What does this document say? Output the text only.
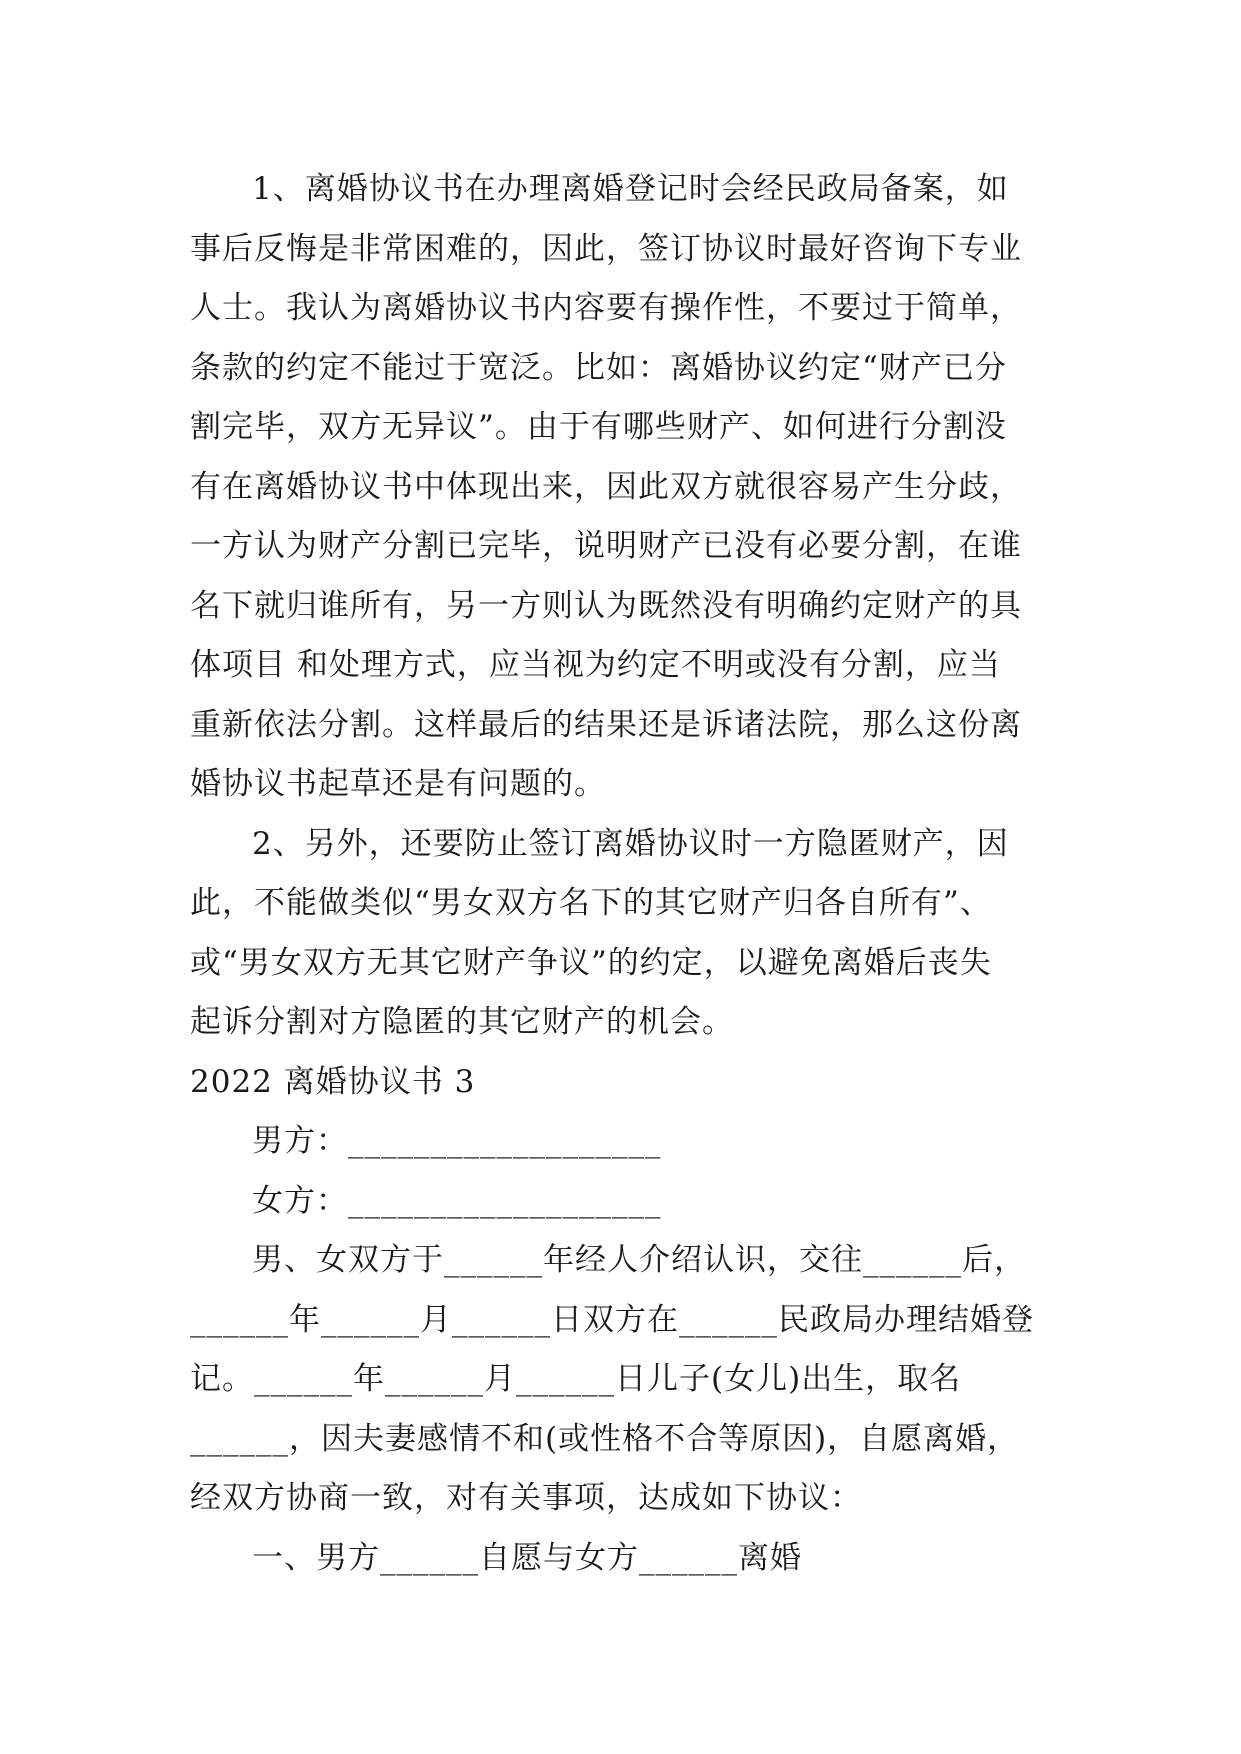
1、离婚协议书在办理离婚登记时会经民政局备案，如
事后反悔是非常困难的，因此，签订协议时最好咨询下专业
人士。我认为离婚协议书内容要有操作性，不要过于简单，
条款的约定不能过于宽泛。比如：离婚协议约定“财产已分
割完毕，双方无异议”。由于有哪些财产、如何进行分割没
有在离婚协议书中体现出来，因此双方就很容易产生分歧，
一方认为财产分割已完毕，说明财产已没有必要分割，在谁
名下就归谁所有，另一方则认为既然没有明确约定财产的具
体项目 和处理方式，应当视为约定不明或没有分割，应当
重新依法分割。这样最后的结果还是诉诸法院，那么这份离
婚协议书起草还是有问题的。
2、另外，还要防止签订离婚协议时一方隐匿财产，因
此，不能做类似“男女双方名下的其它财产归各自所有”、
或“男女双方无其它财产争议”的约定，以避免离婚后丧失
起诉分割对方隐匿的其它财产的机会。
2022 离婚协议书 3
男方：___________________
女方：___________________
男、女双方于______年经人介绍认识，交往______后，
______年______月______日双方在______民政局办理结婚登
记。______年______月______日儿子(女儿)出生，取名
______，因夫妻感情不和(或性格不合等原因)，自愿离婚，
经双方协商一致，对有关事项，达成如下协议：
一、男方______自愿与女方______离婚
